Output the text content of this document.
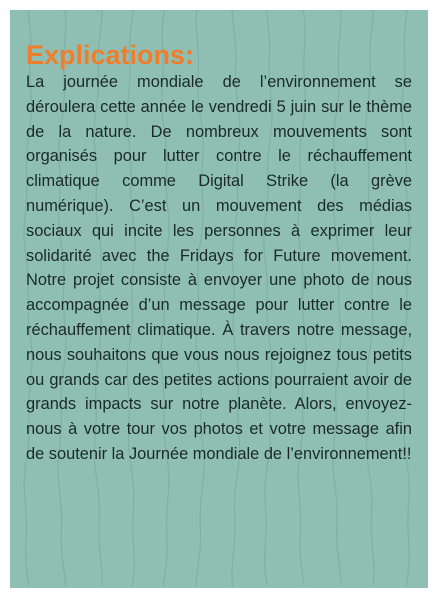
Explications:

La journée mondiale de l’environnement se déroulera cette année le vendredi 5 juin sur le thème de la nature. De nombreux mouvements sont organisés pour lutter contre le réchauffement climatique comme Digital Strike (la grève numérique). C’est un mouvement des médias sociaux qui incite les personnes à exprimer leur solidarité avec the Fridays for Future movement. Notre projet consiste à envoyer une photo de nous accompagnée d’un message pour lutter contre le réchauffement climatique. À travers notre message, nous souhaitons que vous nous rejoignez tous petits ou grands car des petites actions pourraient avoir de grands impacts sur notre planète. Alors, envoyez-nous à votre tour vos photos et votre message afin de soutenir la Journée mondiale de l’environnement!!
